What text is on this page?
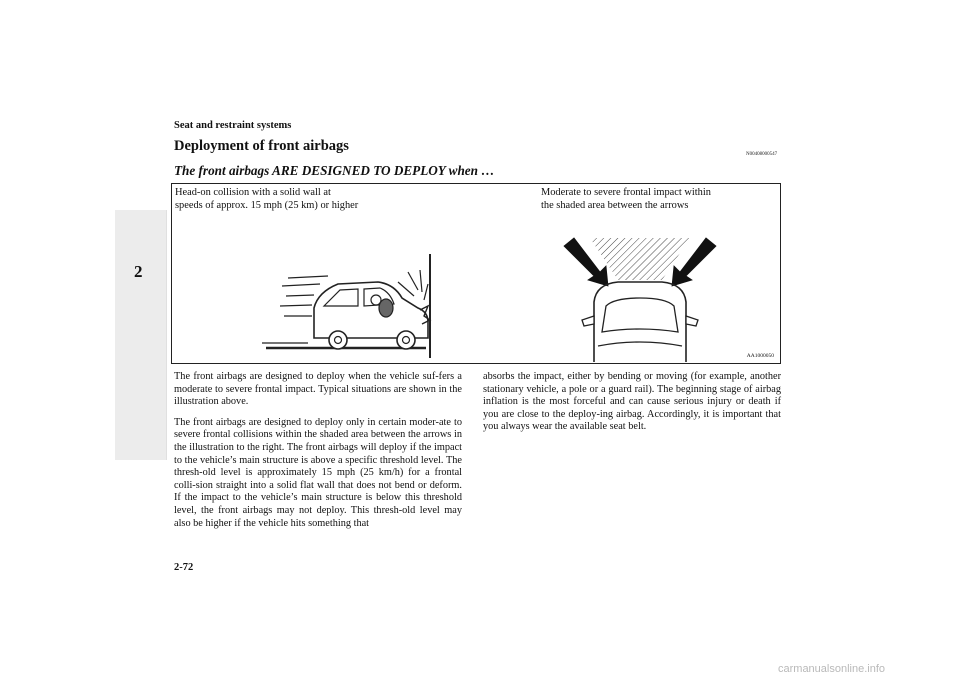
2
Seat and restraint systems
Deployment of front airbags
N00408000547
The front airbags ARE DESIGNED TO DEPLOY when …
Head-on collision with a solid wall at
speeds of approx. 15 mph (25 km) or higher
Moderate to severe frontal impact within
the shaded area between the arrows
AA1000050

The front airbags are designed to deploy when the vehicle suf-fers a moderate to severe frontal impact. Typical situations are shown in the illustration above.

The front airbags are designed to deploy only in certain moder-ate to severe frontal collisions within the shaded area between the arrows in the illustration to the right. The front airbags will deploy if the impact to the vehicle’s main structure is above a specific threshold level. The thresh-old level is approximately 15 mph (25 km/h) for a frontal colli-sion straight into a solid flat wall that does not bend or deform. If the impact to the vehicle’s main structure is below this threshold level, the front airbags may not deploy. This thresh-old level may also be higher if the vehicle hits something that

absorbs the impact, either by bending or moving (for example, another stationary vehicle, a pole or a guard rail). The beginning stage of airbag inflation is the most forceful and can cause serious injury or death if you are close to the deploy-ing airbag. Accordingly, it is important that you always wear the available seat belt.

2-72
carmanualsonline.info
